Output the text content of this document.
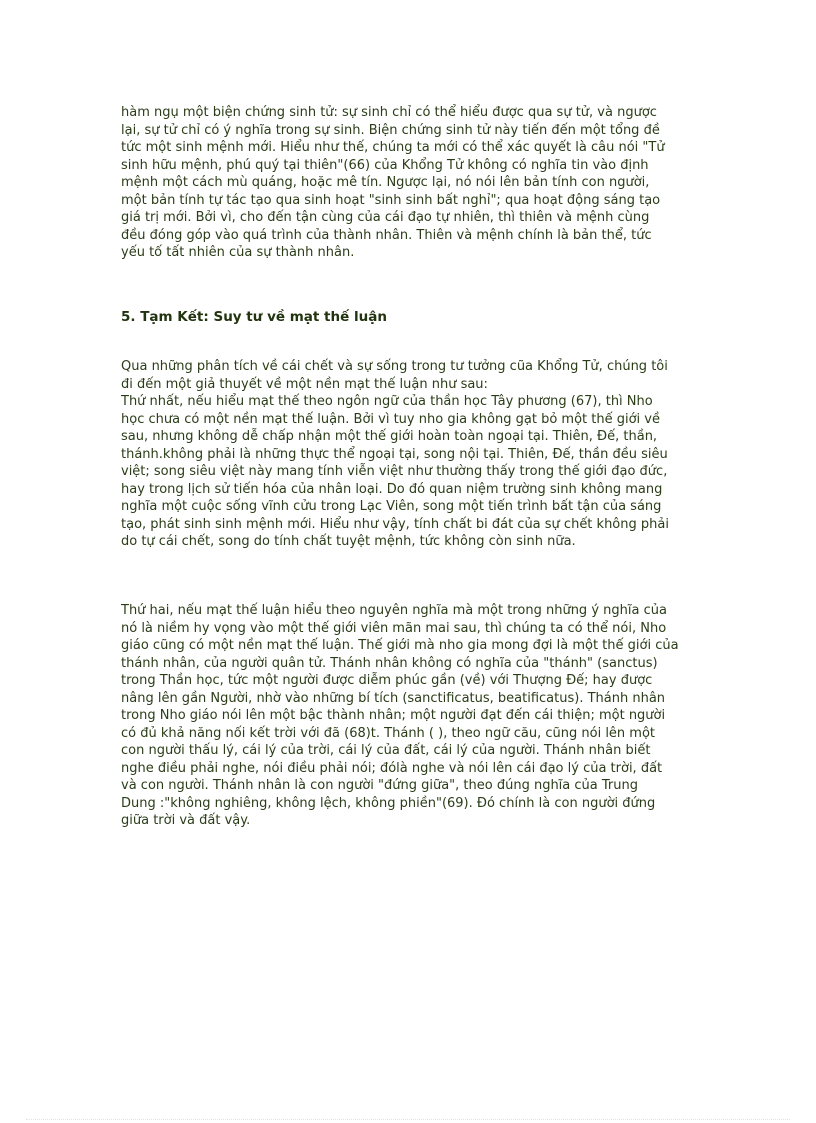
hàm ngụ một biện chứng sinh tử: sự sinh chỉ có thể hiểu được qua sự tử, và ngược
lại, sự tử chỉ có ý nghĩa trong sự sinh. Biện chứng sinh tử này tiến đến một tổng đề
tức một sinh mệnh mới. Hiểu như thế, chúng ta mới có thể xác quyết là câu nói "Tử
sinh hữu mệnh, phú quý tại thiên"(66) của Khổng Tử không có nghĩa tin vào định
mệnh một cách mù quáng, hoặc mê tín. Ngược lại, nó nói lên bản tính con người,
một bản tính tự tác tạo qua sinh hoạt "sinh sinh bất nghỉ"; qua hoạt động sáng tạo
giá trị mới. Bởi vì, cho đến tận cùng của cái đạo tự nhiên, thì thiên và mệnh cùng
đều đóng góp vào quá trình của thành nhân. Thiên và mệnh chính là bản thể, tức
yếu tố tất nhiên của sự thành nhân.

5. Tạm Kết: Suy tư về mạt thế luận

Qua những phân tích về cái chết và sự sống trong tư tưởng cũa Khổng Tử, chúng tôi
đi đến một giả thuyết về một nền mạt thế luận như sau:
Thứ nhất, nếu hiểu mạt thế theo ngôn ngữ của thần học Tây phương (67), thì Nho
học chưa có một nền mạt thế luận. Bởi vì tuy nho gia không gạt bỏ một thế giới về
sau, nhưng không dễ chấp nhận một thế giới hoàn toàn ngoại tại. Thiên, Đế, thần,
thánh.không phải là những thực thể ngoại tại, song nội tại. Thiên, Đế, thần đều siêu
việt; song siêu việt này mang tính viễn việt như thường thấy trong thế giới đạo đức,
hay trong lịch sử tiến hóa của nhân loại. Do đó quan niệm trường sinh không mang
nghĩa một cuộc sống vĩnh cửu trong Lạc Viên, song một tiến trình bất tận của sáng
tạo, phát sinh sinh mệnh mới. Hiểu như vậy, tính chất bi đát của sự chết không phải
do tự cái chết, song do tính chất tuyệt mệnh, tức không còn sinh nữa.

Thứ hai, nếu mạt thế luận hiểu theo nguyên nghĩa mà một trong những ý nghĩa của
nó là niềm hy vọng vào một thế giới viên mãn mai sau, thì chúng ta có thể nói, Nho
giáo cũng có một nền mạt thế luận. Thế giới mà nho gia mong đợi là một thế giới của
thánh nhân, của người quân tử. Thánh nhân không có nghĩa của "thánh" (sanctus)
trong Thần học, tức một người được diễm phúc gần (về) với Thượng Đế; hay được
nâng lên gần Người, nhờ vào những bí tích (sanctificatus, beatificatus). Thánh nhân
trong Nho giáo nói lên một bậc thành nhân; một người đạt đến cái thiện; một người
có đủ khả năng nối kết trời với đã (68)t. Thánh ( ), theo ngữ cău, cũng nói lên một
con người thấu lý, cái lý của trời, cái lý của đất, cái lý của người. Thánh nhân biết
nghe điều phải nghe, nói điều phải nói; đólà nghe và nói lên cái đạo lý của trời, đất
và con người. Thánh nhân là con người "đứng giữa", theo đúng nghĩa của Trung
Dung :"không nghiêng, không lệch, không phiền"(69). Đó chính là con người đứng
giữa trời và đất vậy.
